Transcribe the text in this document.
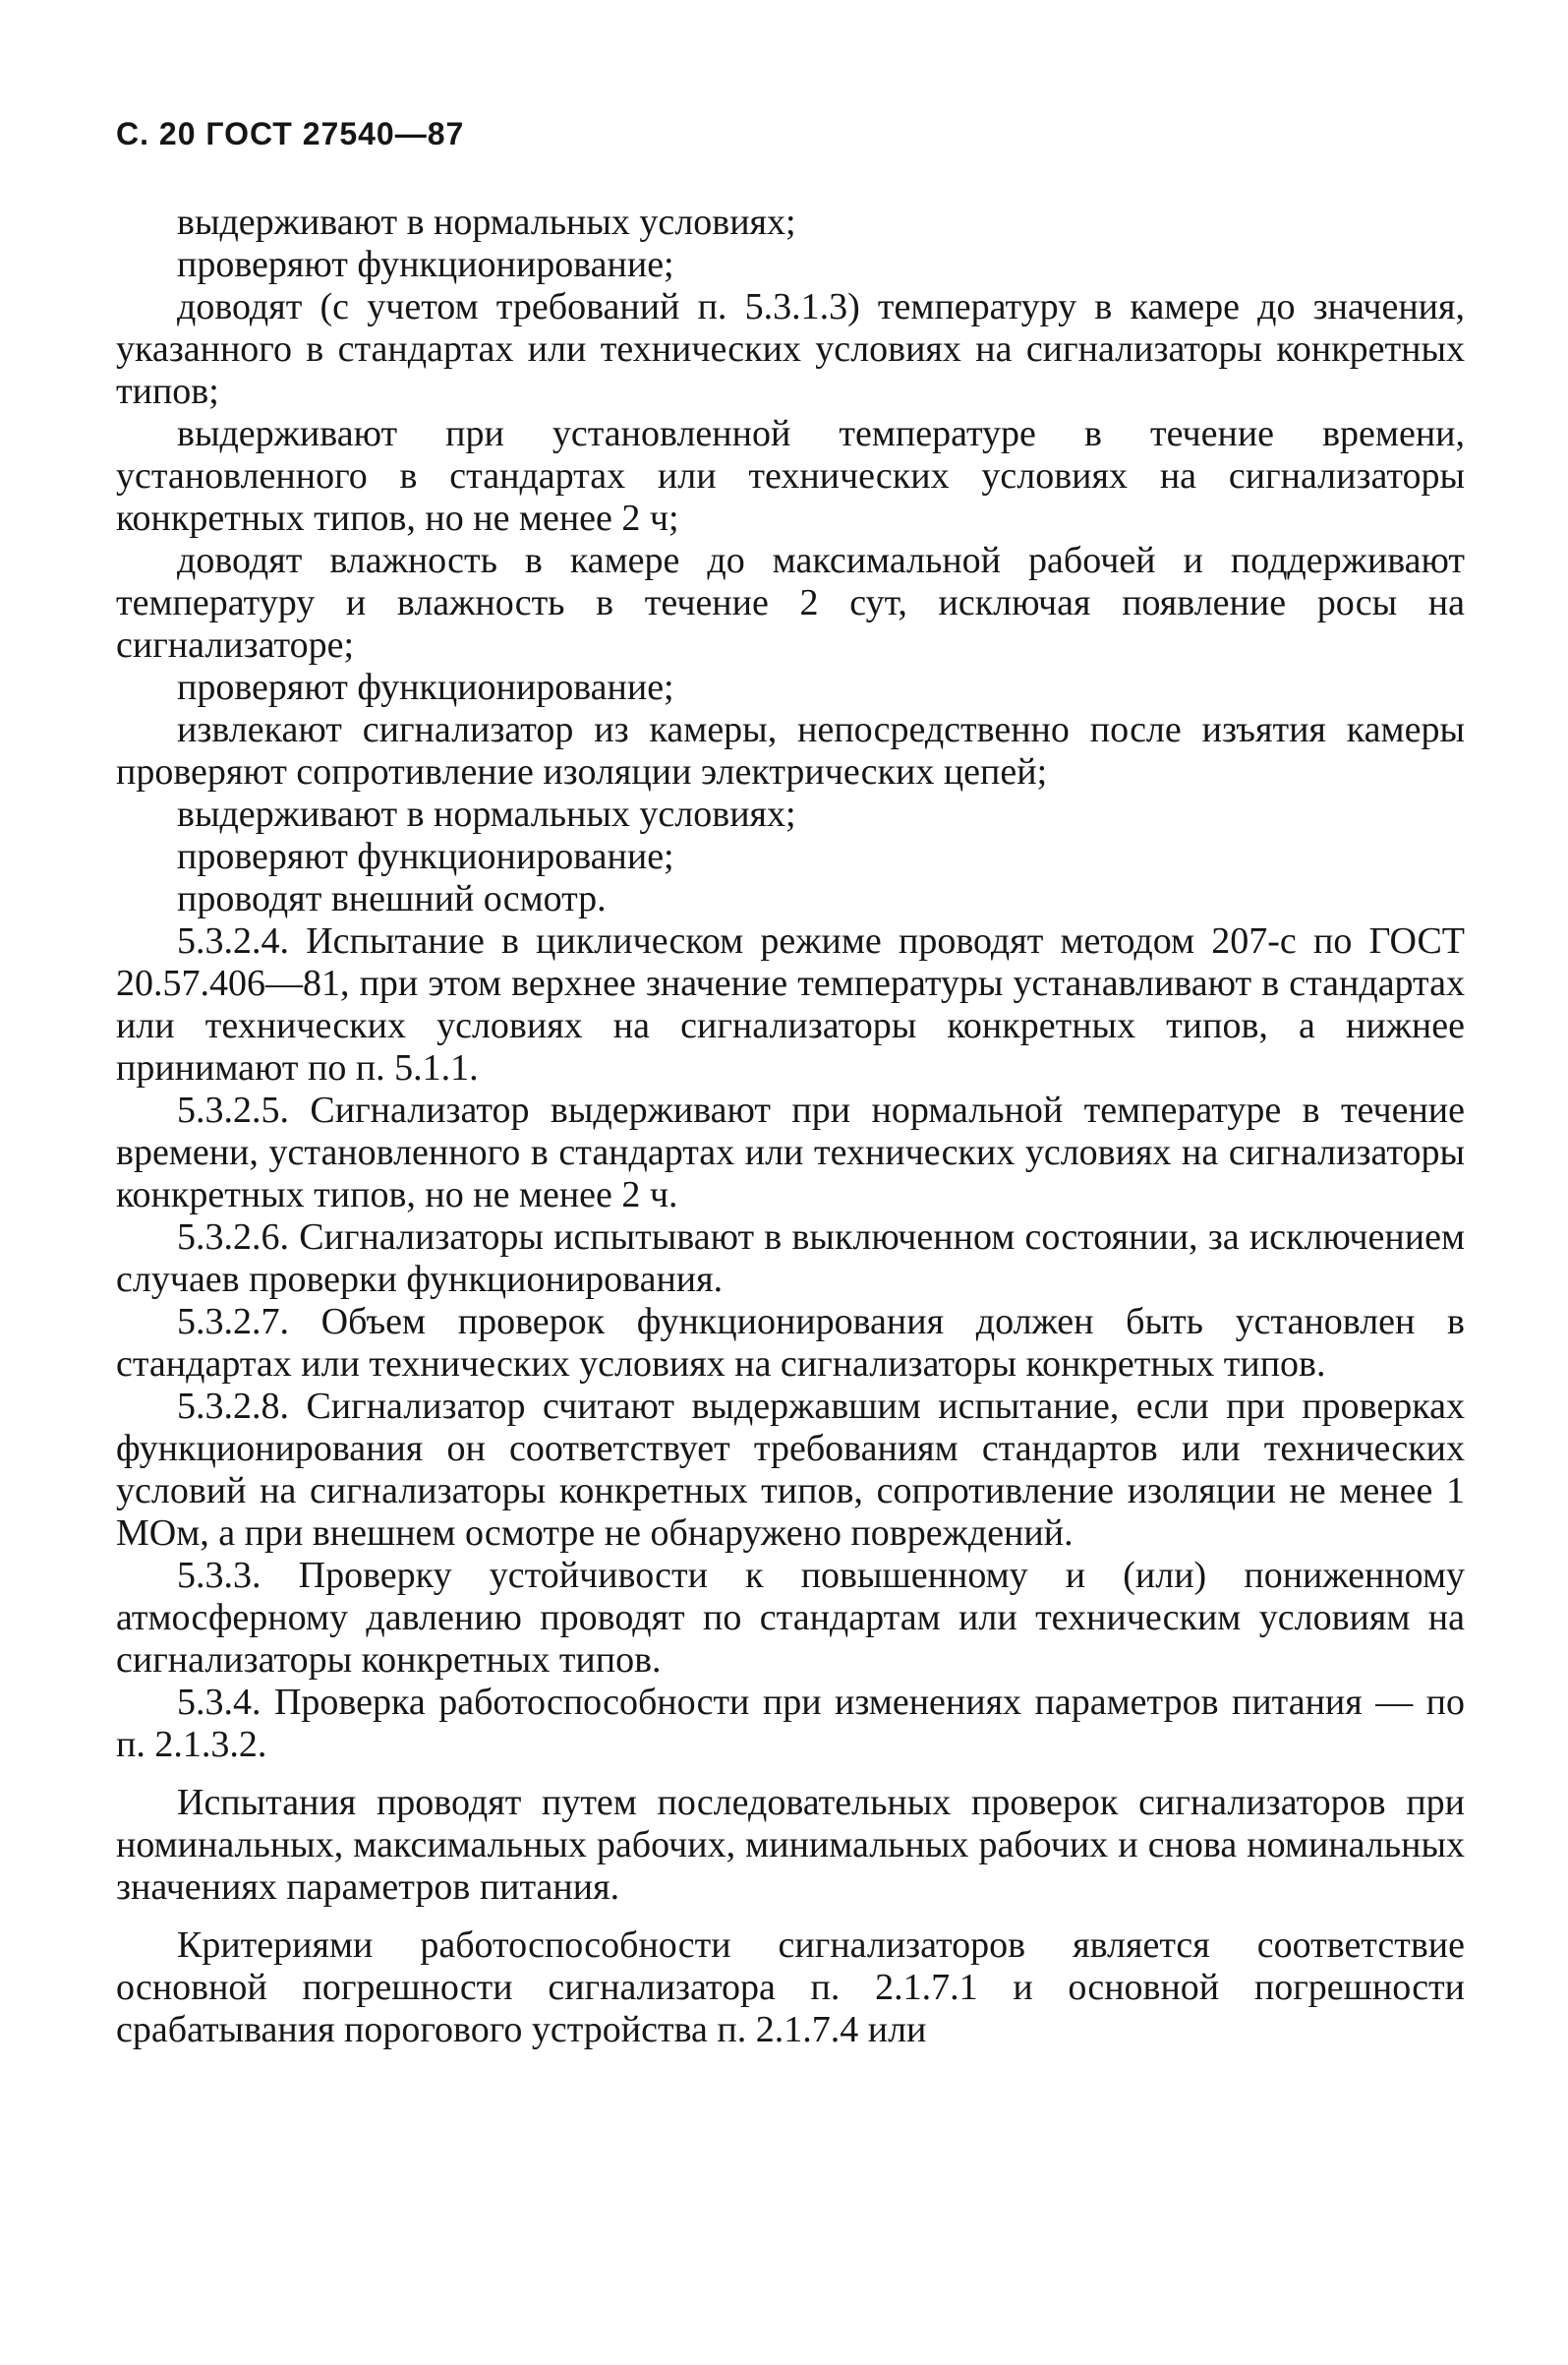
С. 20 ГОСТ 27540—87

выдерживают в нормальных условиях;

проверяют функционирование;

доводят (с учетом требований п. 5.3.1.3) температуру в камере до значения, указанного в стандартах или технических условиях на сигнализаторы конкретных типов;

выдерживают при установленной температуре в течение времени, установленного в стандартах или технических условиях на сигнализаторы конкретных типов, но не менее 2 ч;

доводят влажность в камере до максимальной рабочей и поддерживают температуру и влажность в течение 2 сут, исключая появление росы на сигнализаторе;

проверяют функционирование;

извлекают сигнализатор из камеры, непосредственно после изъятия камеры проверяют сопротивление изоляции электрических цепей;

выдерживают в нормальных условиях;

проверяют функционирование;

проводят внешний осмотр.

5.3.2.4. Испытание в циклическом режиме проводят методом 207-с по ГОСТ 20.57.406—81, при этом верхнее значение температуры устанавливают в стандартах или технических условиях на сигнализаторы конкретных типов, а нижнее принимают по п. 5.1.1.

5.3.2.5. Сигнализатор выдерживают при нормальной температуре в течение времени, установленного в стандартах или технических условиях на сигнализаторы конкретных типов, но не менее 2 ч.

5.3.2.6. Сигнализаторы испытывают в выключенном состоянии, за исключением случаев проверки функционирования.

5.3.2.7. Объем проверок функционирования должен быть установлен в стандартах или технических условиях на сигнализаторы конкретных типов.

5.3.2.8. Сигнализатор считают выдержавшим испытание, если при проверках функционирования он соответствует требованиям стандартов или технических условий на сигнализаторы конкретных типов, сопротивление изоляции не менее 1 МОм, а при внешнем осмотре не обнаружено повреждений.

5.3.3. Проверку устойчивости к повышенному и (или) пониженному атмосферному давлению проводят по стандартам или техническим условиям на сигнализаторы конкретных типов.

5.3.4. Проверка работоспособности при изменениях параметров питания — по п. 2.1.3.2.

Испытания проводят путем последовательных проверок сигнализаторов при номинальных, максимальных рабочих, минимальных рабочих и снова номинальных значениях параметров питания.

Критериями работоспособности сигнализаторов является соответствие основной погрешности сигнализатора п. 2.1.7.1 и основной погрешности срабатывания порогового устройства п. 2.1.7.4 или
